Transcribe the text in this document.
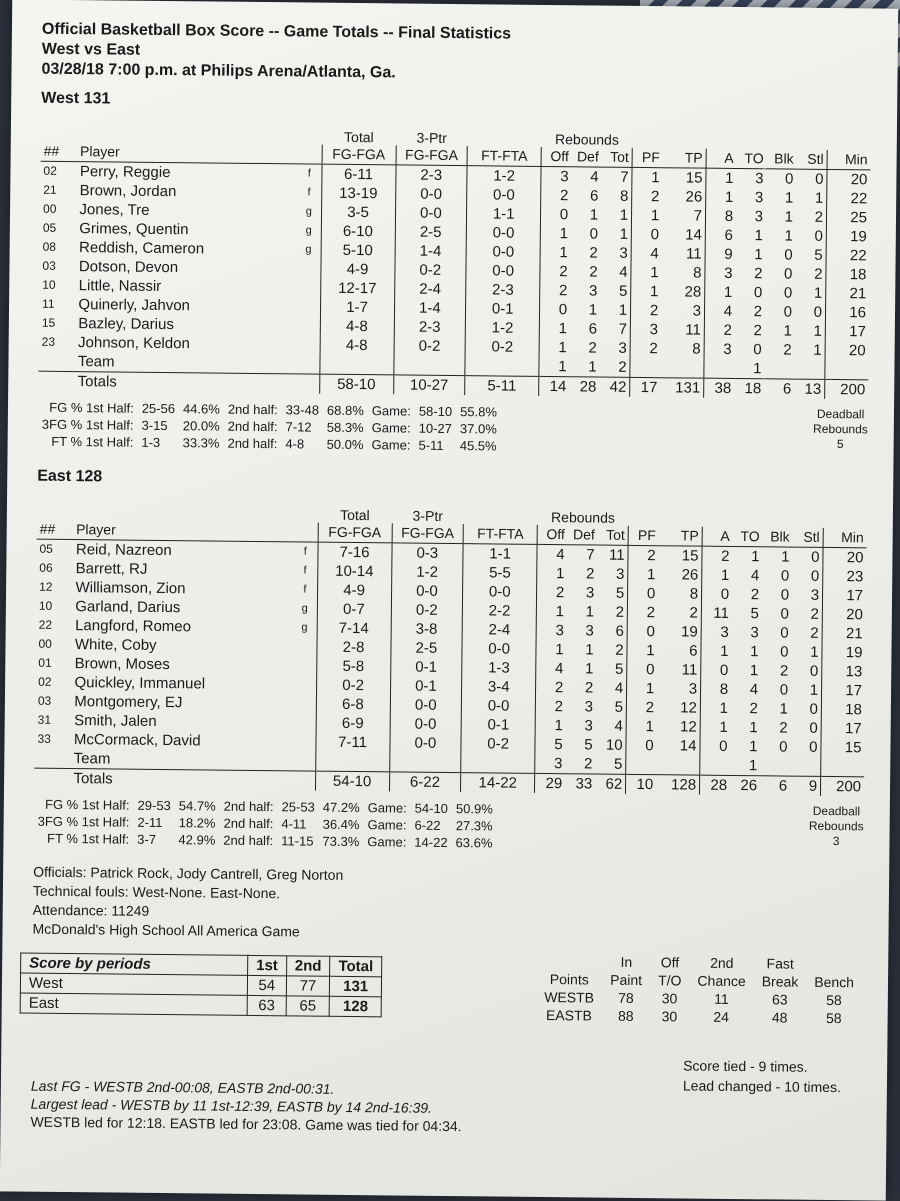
Official Basketball Box Score -- Game Totals -- Final Statistics
West vs East
03/28/18 7:00 p.m. at Philips Arena/Atlanta, Ga.
West 131
			Total	3-Ptr		Rebounds									
##	Player		FG-FGA	FG-FGA	FT-FTA	Off	Def	Tot	PF	TP	A	TO	Blk	Stl	Min
02	Perry, Reggie	f	6-11	2-3	1-2	3	4	7	1	15	1	3	0	0	20
21	Brown, Jordan	f	13-19	0-0	0-0	2	6	8	2	26	1	3	1	1	22
00	Jones, Tre	g	3-5	0-0	1-1	0	1	1	1	7	8	3	1	2	25
05	Grimes, Quentin	g	6-10	2-5	0-0	1	0	1	0	14	6	1	1	0	19
08	Reddish, Cameron	g	5-10	1-4	0-0	1	2	3	4	11	9	1	0	5	22
03	Dotson, Devon		4-9	0-2	0-0	2	2	4	1	8	3	2	0	2	18
10	Little, Nassir		12-17	2-4	2-3	2	3	5	1	28	1	0	0	1	21
11	Quinerly, Jahvon		1-7	1-4	0-1	0	1	1	2	3	4	2	0	0	16
15	Bazley, Darius		4-8	2-3	1-2	1	6	7	3	11	2	2	1	1	17
23	Johnson, Keldon		4-8	0-2	0-2	1	2	3	2	8	3	0	2	1	20
	Team					1	1	2				1			
	Totals		58-10	10-27	5-11	14	28	42	17	131	38	18	6	13	200
FG % 1st Half:	25-56	44.6%	2nd half:	33-48	68.8%	Game:	58-10	55.8%
3FG % 1st Half:	3-15	20.0%	2nd half:	7-12	58.3%	Game:	10-27	37.0%
FT % 1st Half:	1-3	33.3%	2nd half:	4-8	50.0%	Game:	5-11	45.5%
Deadball
Rebounds
5
East 128
			Total	3-Ptr		Rebounds									
##	Player		FG-FGA	FG-FGA	FT-FTA	Off	Def	Tot	PF	TP	A	TO	Blk	Stl	Min
05	Reid, Nazreon	f	7-16	0-3	1-1	4	7	11	2	15	2	1	1	0	20
06	Barrett, RJ	f	10-14	1-2	5-5	1	2	3	1	26	1	4	0	0	23
12	Williamson, Zion	f	4-9	0-0	0-0	2	3	5	0	8	0	2	0	3	17
10	Garland, Darius	g	0-7	0-2	2-2	1	1	2	2	2	11	5	0	2	20
22	Langford, Romeo	g	7-14	3-8	2-4	3	3	6	0	19	3	3	0	2	21
00	White, Coby		2-8	2-5	0-0	1	1	2	1	6	1	1	0	1	19
01	Brown, Moses		5-8	0-1	1-3	4	1	5	0	11	0	1	2	0	13
02	Quickley, Immanuel		0-2	0-1	3-4	2	2	4	1	3	8	4	0	1	17
03	Montgomery, EJ		6-8	0-0	0-0	2	3	5	2	12	1	2	1	0	18
31	Smith, Jalen		6-9	0-0	0-1	1	3	4	1	12	1	1	2	0	17
33	McCormack, David		7-11	0-0	0-2	5	5	10	0	14	0	1	0	0	15
	Team					3	2	5				1			
	Totals		54-10	6-22	14-22	29	33	62	10	128	28	26	6	9	200
FG % 1st Half:	29-53	54.7%	2nd half:	25-53	47.2%	Game:	54-10	50.9%
3FG % 1st Half:	2-11	18.2%	2nd half:	4-11	36.4%	Game:	6-22	27.3%
FT % 1st Half:	3-7	42.9%	2nd half:	11-15	73.3%	Game:	14-22	63.6%
Deadball
Rebounds
3
Officials: Patrick Rock, Jody Cantrell, Greg Norton
Technical fouls: West-None. East-None.
Attendance: 11249
McDonald's High School All America Game
Score by periods	1st	2nd	Total
West	54	77	131
East	63	65	128
	In	Off	2nd	Fast	
Points	Paint	T/O	Chance	Break	Bench
WESTB	78	30	11	63	58
EASTB	88	30	24	48	58
Last FG - WESTB 2nd-00:08, EASTB 2nd-00:31.
Largest lead - WESTB by 11 1st-12:39, EASTB by 14 2nd-16:39.
WESTB led for 12:18. EASTB led for 23:08. Game was tied for 04:34.
Score tied - 9 times.
Lead changed - 10 times.
